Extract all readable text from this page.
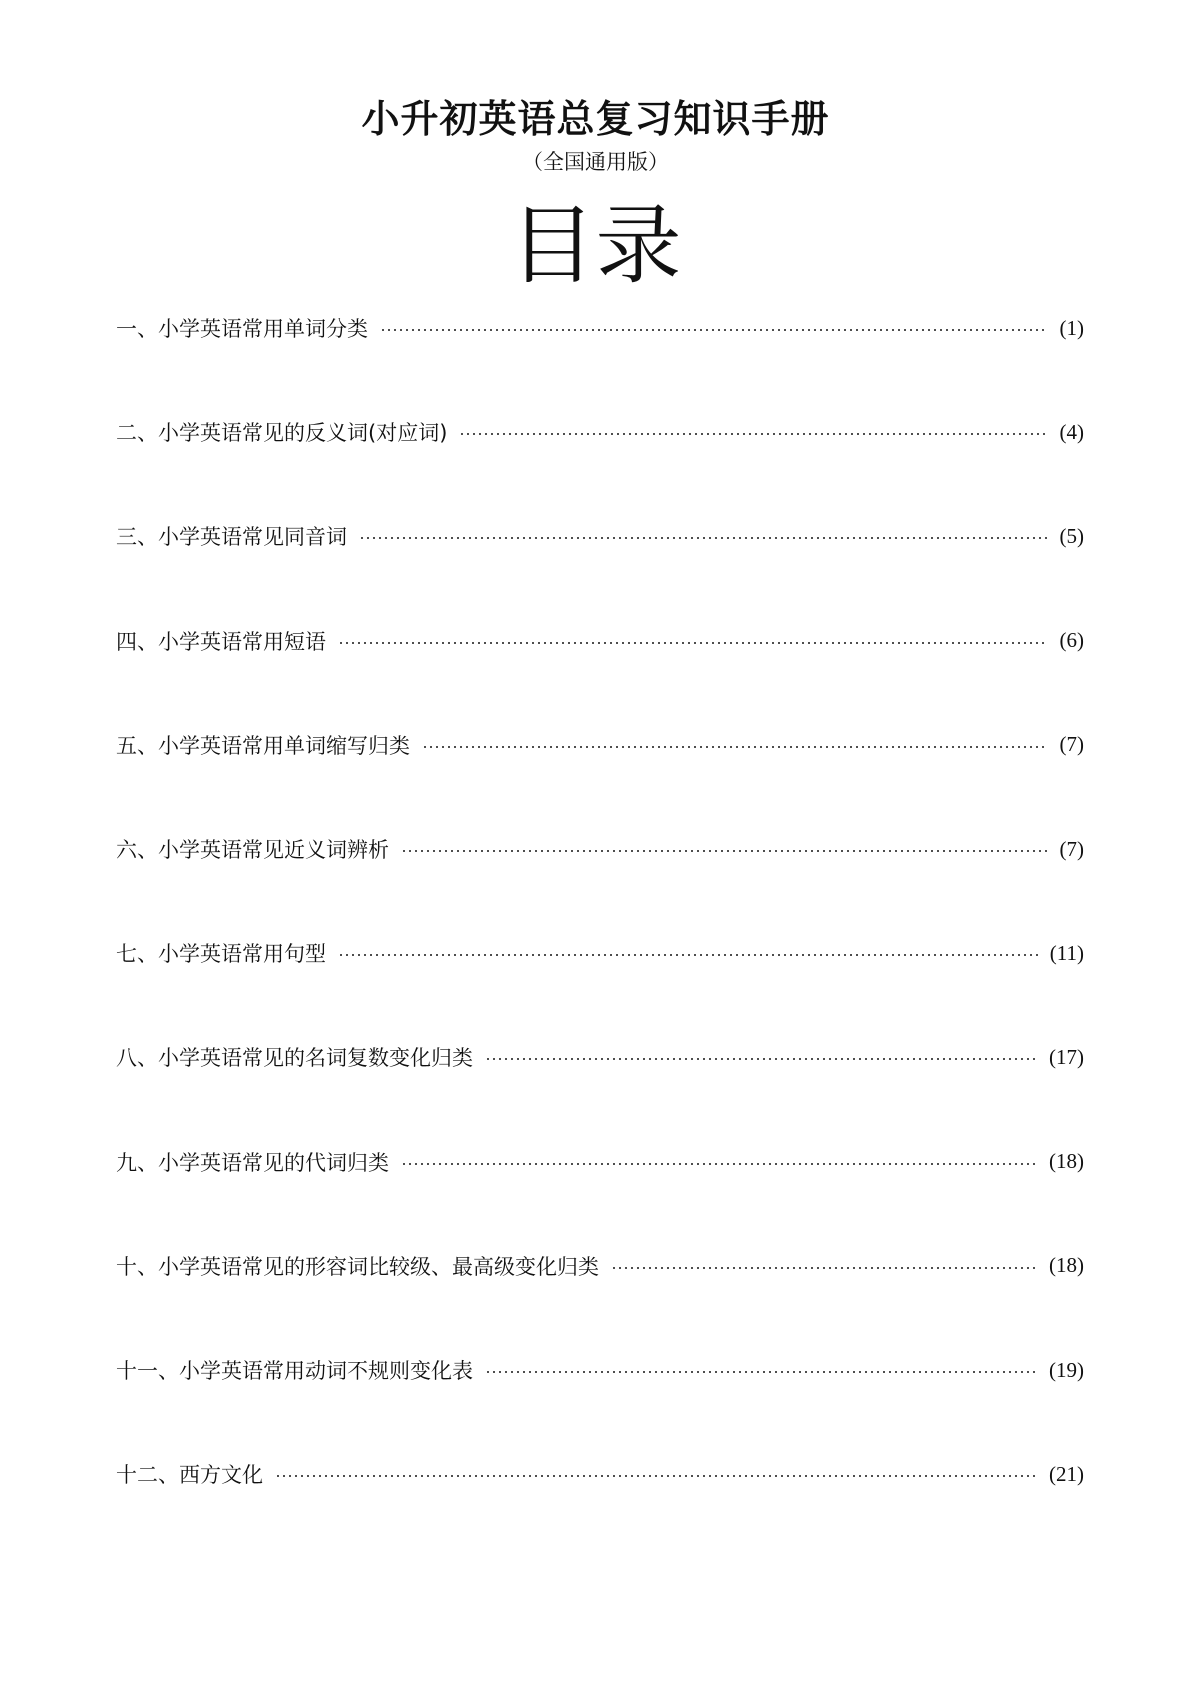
小升初英语总复习知识手册
（全国通用版）
目录
一、小学英语常用单词分类	(1)
二、小学英语常见的反义词(对应词)	(4)
三、小学英语常见同音词	(5)
四、小学英语常用短语	(6)
五、小学英语常用单词缩写归类	(7)
六、小学英语常见近义词辨析	(7)
七、小学英语常用句型	(11)
八、小学英语常见的名词复数变化归类	(17)
九、小学英语常见的代词归类	(18)
十、小学英语常见的形容词比较级、最高级变化归类	(18)
十一、小学英语常用动词不规则变化表	(19)
十二、西方文化	(21)
